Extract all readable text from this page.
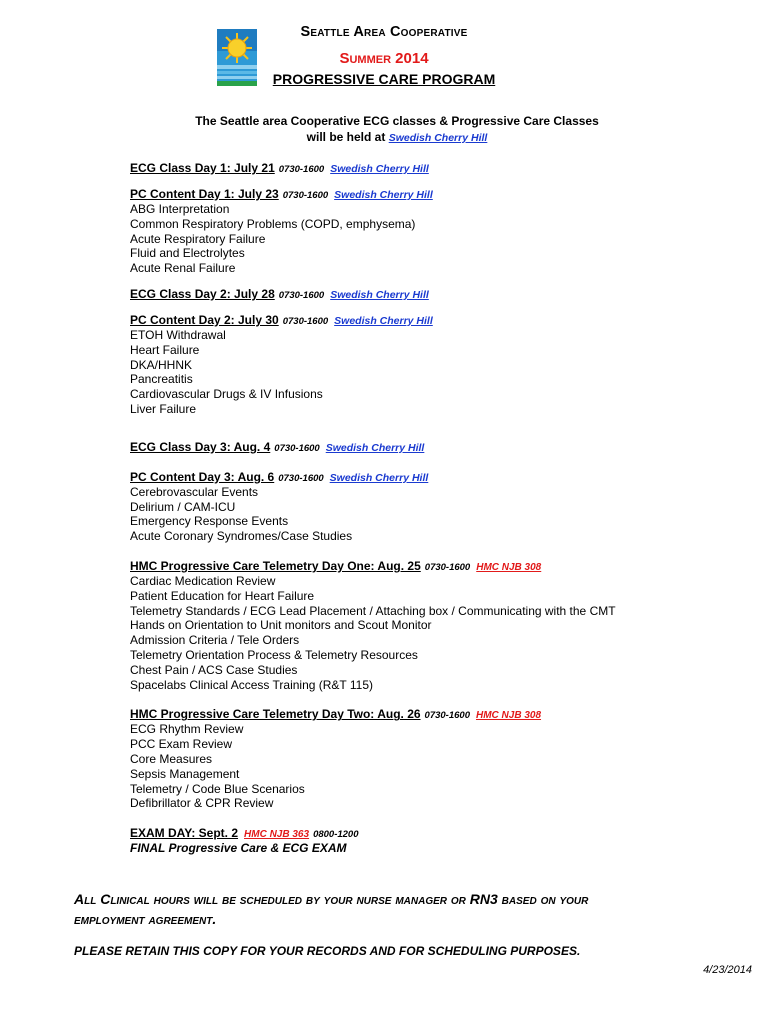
Seattle Area Cooperative
Summer 2014
PROGRESSIVE CARE PROGRAM
The Seattle area Cooperative ECG classes & Progressive Care Classes
will be held at Swedish Cherry Hill
ECG Class Day 1: July 21 0730-1600 Swedish Cherry Hill
PC Content Day 1: July 23 0730-1600 Swedish Cherry Hill
ABG Interpretation
Common Respiratory Problems (COPD, emphysema)
Acute Respiratory Failure
Fluid and Electrolytes
Acute Renal Failure
ECG Class Day 2: July 28 0730-1600 Swedish Cherry Hill
PC Content Day 2: July 30 0730-1600 Swedish Cherry Hill
ETOH Withdrawal
Heart Failure
DKA/HHNK
Pancreatitis
Cardiovascular Drugs & IV Infusions
Liver Failure
ECG Class Day 3: Aug. 4 0730-1600 Swedish Cherry Hill
PC Content Day 3: Aug. 6 0730-1600 Swedish Cherry Hill
Cerebrovascular Events
Delirium / CAM-ICU
Emergency Response Events
Acute Coronary Syndromes/Case Studies
HMC Progressive Care Telemetry Day One: Aug. 25 0730-1600 HMC NJB 308
Cardiac Medication Review
Patient Education for Heart Failure
Telemetry Standards / ECG Lead Placement / Attaching box / Communicating with the CMT
Hands on Orientation to Unit monitors and Scout Monitor
Admission Criteria / Tele Orders
Telemetry Orientation Process & Telemetry Resources
Chest Pain / ACS Case Studies
Spacelabs Clinical Access Training (R&T 115)
HMC Progressive Care Telemetry Day Two: Aug. 26 0730-1600 HMC NJB 308
ECG Rhythm Review
PCC Exam Review
Core Measures
Sepsis Management
Telemetry / Code Blue Scenarios
Defibrillator & CPR Review
EXAM DAY: Sept. 2 HMC NJB 363 0800-1200
FINAL Progressive Care & ECG EXAM
All Clinical hours will be scheduled by your nurse manager or RN3 based on your
employment agreement.
PLEASE RETAIN THIS COPY FOR YOUR RECORDS AND FOR SCHEDULING PURPOSES.
4/23/2014
